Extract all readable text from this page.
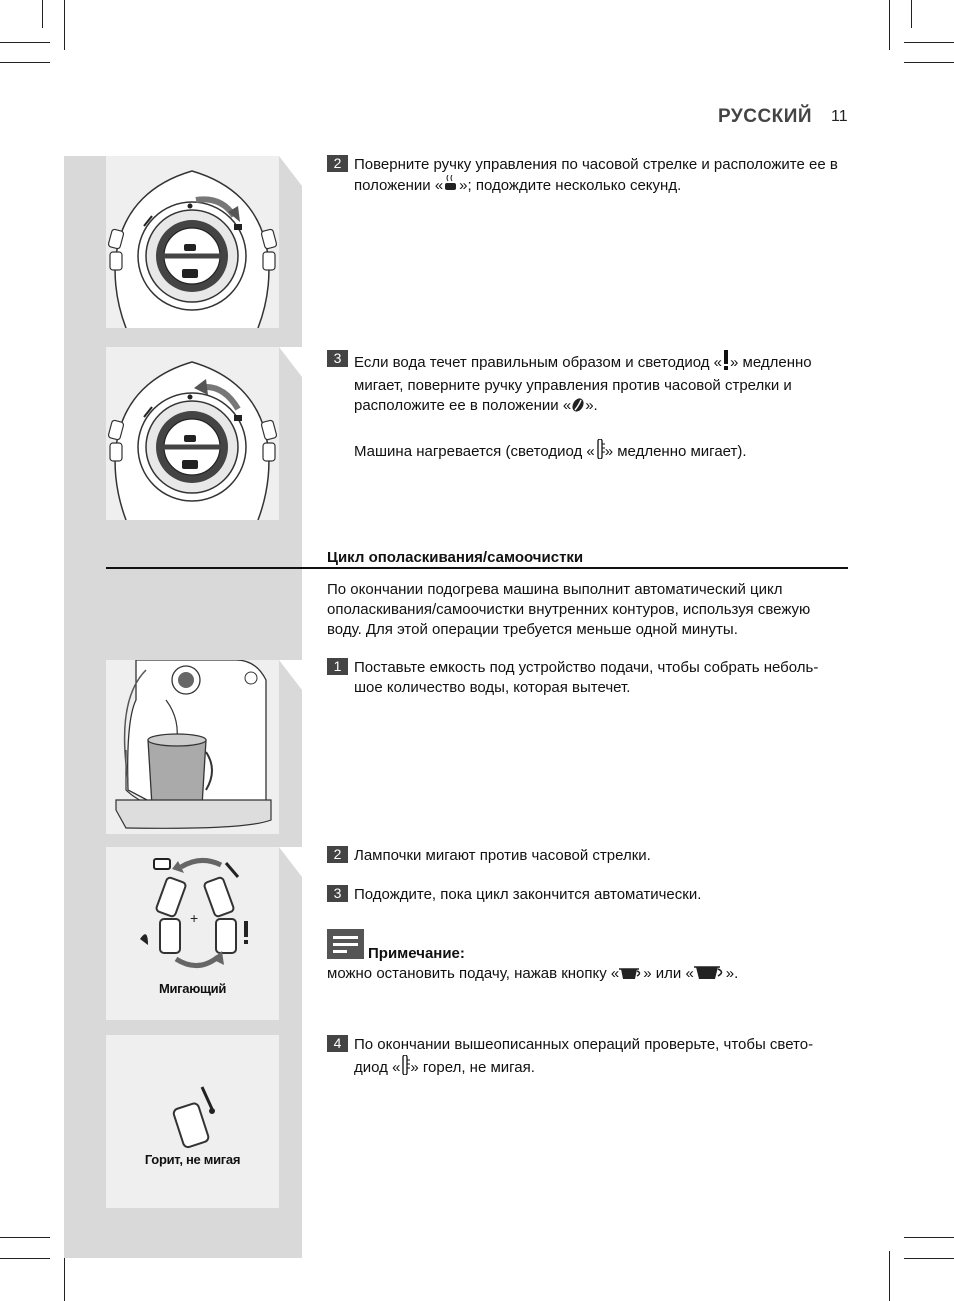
РУССКИЙ 11
+
Мигающий
Горит, не мигая
2 Поверните ручку управления по часовой стрелке и расположите ее в положении « »; подождите несколько секунд.
3 Если вода течет правильным образом и светодиод « » медленно мигает, поверните ручку управления против часовой стрелки и расположите ее в положении « ».
Машина нагревается (светодиод « » медленно мигает).
Цикл ополаскивания/самоочистки
По окончании подогрева машина выполнит автоматический цикл ополаскивания/самоочистки внутренних контуров, используя свежую воду. Для этой операции требуется меньше одной минуты.
1 Поставьте емкость под устройство подачи, чтобы собрать неболь-шое количество воды, которая вытечет.
2 Лампочки мигают против часовой стрелки.
3 Подождите, пока цикл закончится автоматически.
Примечание:
можно остановить подачу, нажав кнопку « » или « ».
4 По окончании вышеописанных операций проверьте, чтобы свето-диод « » горел, не мигая.
